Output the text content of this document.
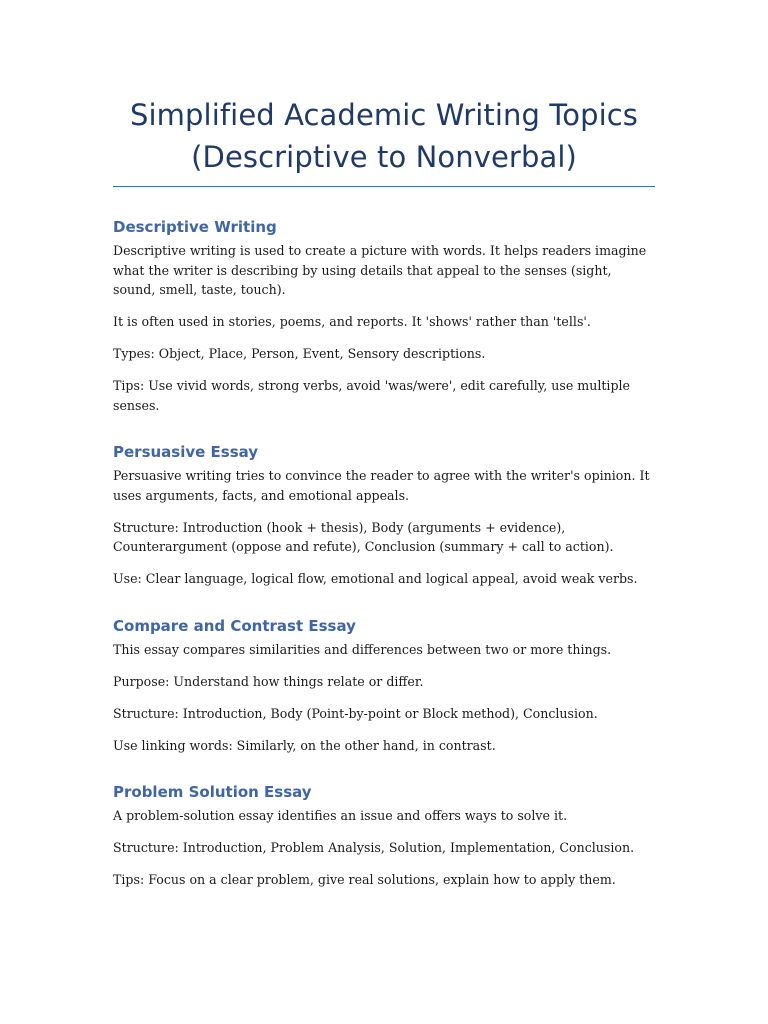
Simplified Academic Writing Topics
(Descriptive to Nonverbal)
Descriptive Writing

Descriptive writing is used to create a picture with words. It helps readers imagine what the writer is describing by using details that appeal to the senses (sight, sound, smell, taste, touch).

It is often used in stories, poems, and reports. It 'shows' rather than 'tells'.

Types: Object, Place, Person, Event, Sensory descriptions.

Tips: Use vivid words, strong verbs, avoid 'was/were', edit carefully, use multiple senses.

Persuasive Essay

Persuasive writing tries to convince the reader to agree with the writer's opinion. It uses arguments, facts, and emotional appeals.

Structure: Introduction (hook + thesis), Body (arguments + evidence), Counterargument (oppose and refute), Conclusion (summary + call to action).

Use: Clear language, logical flow, emotional and logical appeal, avoid weak verbs.

Compare and Contrast Essay

This essay compares similarities and differences between two or more things.

Purpose: Understand how things relate or differ.

Structure: Introduction, Body (Point-by-point or Block method), Conclusion.

Use linking words: Similarly, on the other hand, in contrast.

Problem Solution Essay

A problem-solution essay identifies an issue and offers ways to solve it.

Structure: Introduction, Problem Analysis, Solution, Implementation, Conclusion.

Tips: Focus on a clear problem, give real solutions, explain how to apply them.
